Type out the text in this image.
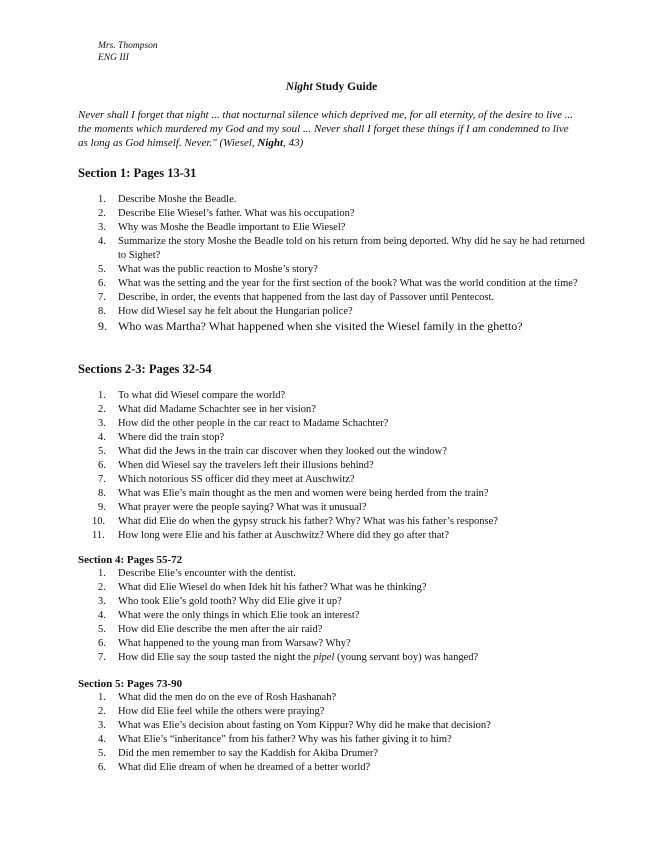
Mrs. Thompson
ENG III
Night Study Guide
Never shall I forget that night ... that nocturnal silence which deprived me, for all eternity, of the desire to live ... the moments which murdered my God and my soul ... Never shall I forget these things if I am condemned to live as long as God himself. Never." (Wiesel, Night, 43)
Section 1: Pages 13-31
1. Describe Moshe the Beadle.
2. Describe Elie Wiesel’s father. What was his occupation?
3. Why was Moshe the Beadle important to Elie Wiesel?
4. Summarize the story Moshe the Beadle told on his return from being deported. Why did he say he had returned to Sighet?
5. What was the public reaction to Moshe’s story?
6. What was the setting and the year for the first section of the book? What was the world condition at the time?
7. Describe, in order, the events that happened from the last day of Passover until Pentecost.
8. How did Wiesel say he felt about the Hungarian police?
9. Who was Martha? What happened when she visited the Wiesel family in the ghetto?
Sections 2-3: Pages 32-54
1. To what did Wiesel compare the world?
2. What did Madame Schachter see in her vision?
3. How did the other people in the car react to Madame Schachter?
4. Where did the train stop?
5. What did the Jews in the train car discover when they looked out the window?
6. When did Wiesel say the travelers left their illusions behind?
7. Which notorious SS officer did they meet at Auschwitz?
8. What was Elie’s main thought as the men and women were being herded from the train?
9. What prayer were the people saying? What was it unusual?
10. What did Elie do when the gypsy struck his father? Why? What was his father’s response?
11. How long were Elie and his father at Auschwitz? Where did they go after that?
Section 4: Pages 55-72
1. Describe Elie’s encounter with the dentist.
2. What did Elie Wiesel do when Idek hit his father? What was he thinking?
3. Who took Elie’s gold tooth? Why did Elie give it up?
4. What were the only things in which Elie took an interest?
5. How did Elie describe the men after the air raid?
6. What happened to the young man from Warsaw? Why?
7. How did Elie say the soup tasted the night the pipel (young servant boy) was hanged?
Section 5: Pages 73-90
1. What did the men do on the eve of Rosh Hashanah?
2. How did Elie feel while the others were praying?
3. What was Elie’s decision about fasting on Yom Kippur? Why did he make that decision?
4. What Elie’s “inheritance” from his father? Why was his father giving it to him?
5. Did the men remember to say the Kaddish for Akiba Drumer?
6. What did Elie dream of when he dreamed of a better world?
